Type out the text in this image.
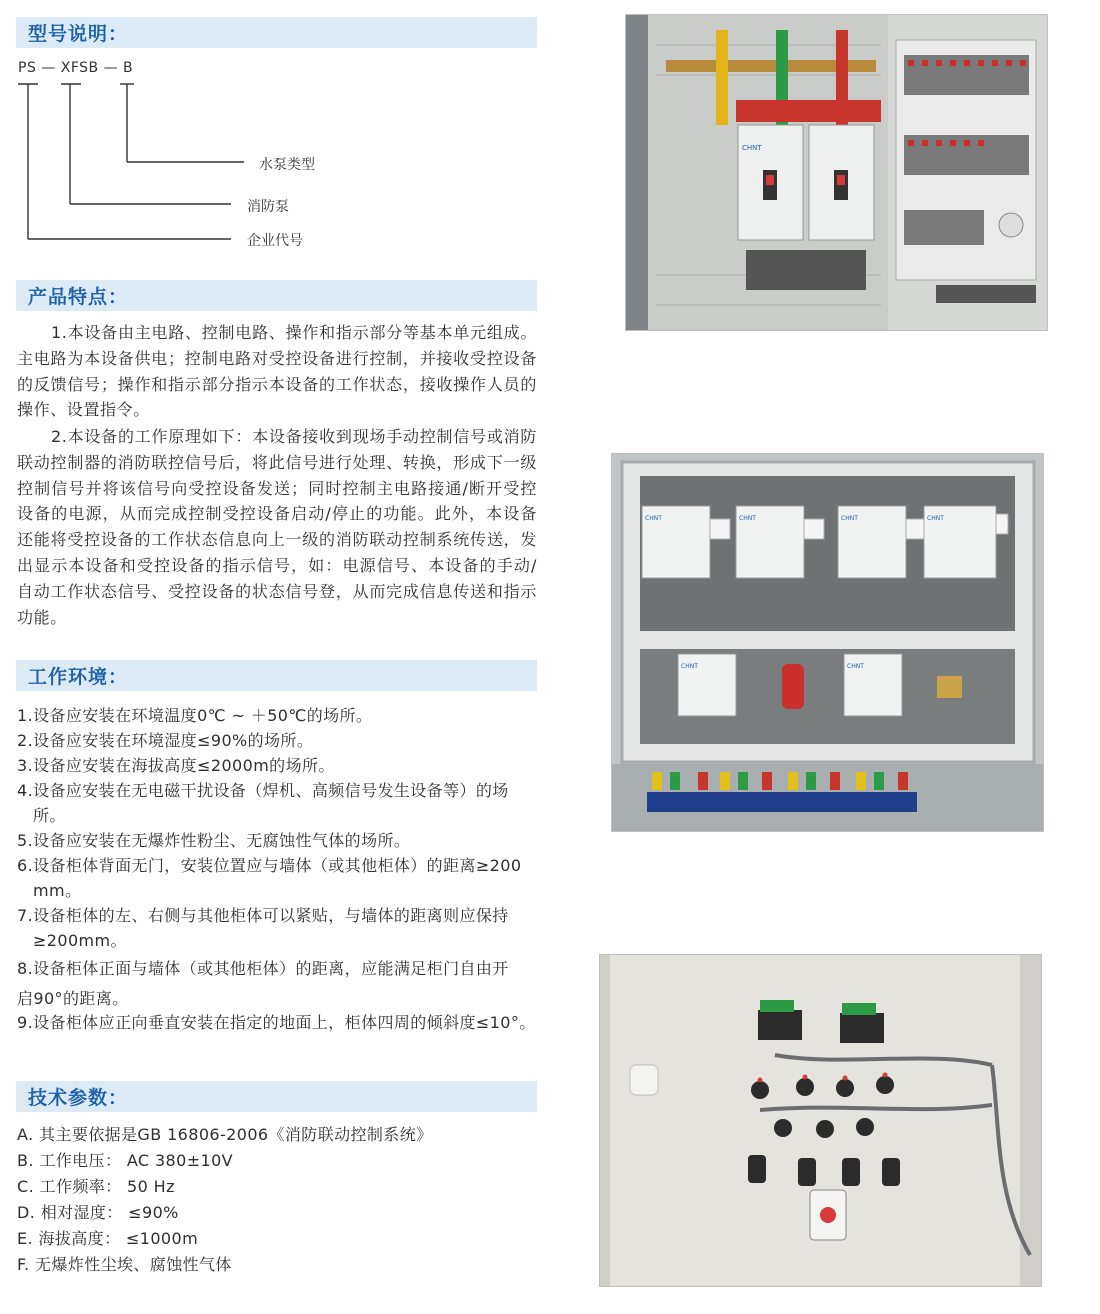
型号说明：
PS — XFSB — B
水泵类型
消防泵
企业代号
产品特点：

1.本设备由主电路、控制电路、操作和指示部分等基本单元组成。主电路为本设备供电；控制电路对受控设备进行控制，并接收受控设备的反馈信号；操作和指示部分指示本设备的工作状态，接收操作人员的操作、设置指令。

2.本设备的工作原理如下：本设备接收到现场手动控制信号或消防联动控制器的消防联控信号后，将此信号进行处理、转换，形成下一级控制信号并将该信号向受控设备发送；同时控制主电路接通/断开受控设备的电源，从而完成控制受控设备启动/停止的功能。此外，本设备还能将受控设备的工作状态信息向上一级的消防联动控制系统传送，发出显示本设备和受控设备的指示信号，如：电源信号、本设备的手动/自动工作状态信号、受控设备的状态信号登，从而完成信息传送和指示功能。

工作环境：
1.设备应安装在环境温度0℃ ~ ＋50℃的场所。
2.设备应安装在环境湿度≤90%的场所。
3.设备应安装在海拔高度≤2000m的场所。
4.设备应安装在无电磁干扰设备（焊机、高频信号发生设备等）的场所。
5.设备应安装在无爆炸性粉尘、无腐蚀性气体的场所。
6.设备柜体背面无门，安装位置应与墙体（或其他柜体）的距离≥200 mm。
7.设备柜体的左、右侧与其他柜体可以紧贴，与墙体的距离则应保持≥200mm。
8.设备柜体正面与墙体（或其他柜体）的距离，应能满足柜门自由开启90°的距离。
9.设备柜体应正向垂直安装在指定的地面上，柜体四周的倾斜度≤10°。
技术参数：
A. 其主要依据是GB 16806-2006《消防联动控制系统》
B. 工作电压： AC 380±10V
C. 工作频率： 50 Hz
D. 相对湿度： ≤90%
E. 海拔高度： ≤1000m
F. 无爆炸性尘埃、腐蚀性气体
CHNT
CHNT	CHNT	CHNT	CHNT
CHNT	CHNT
